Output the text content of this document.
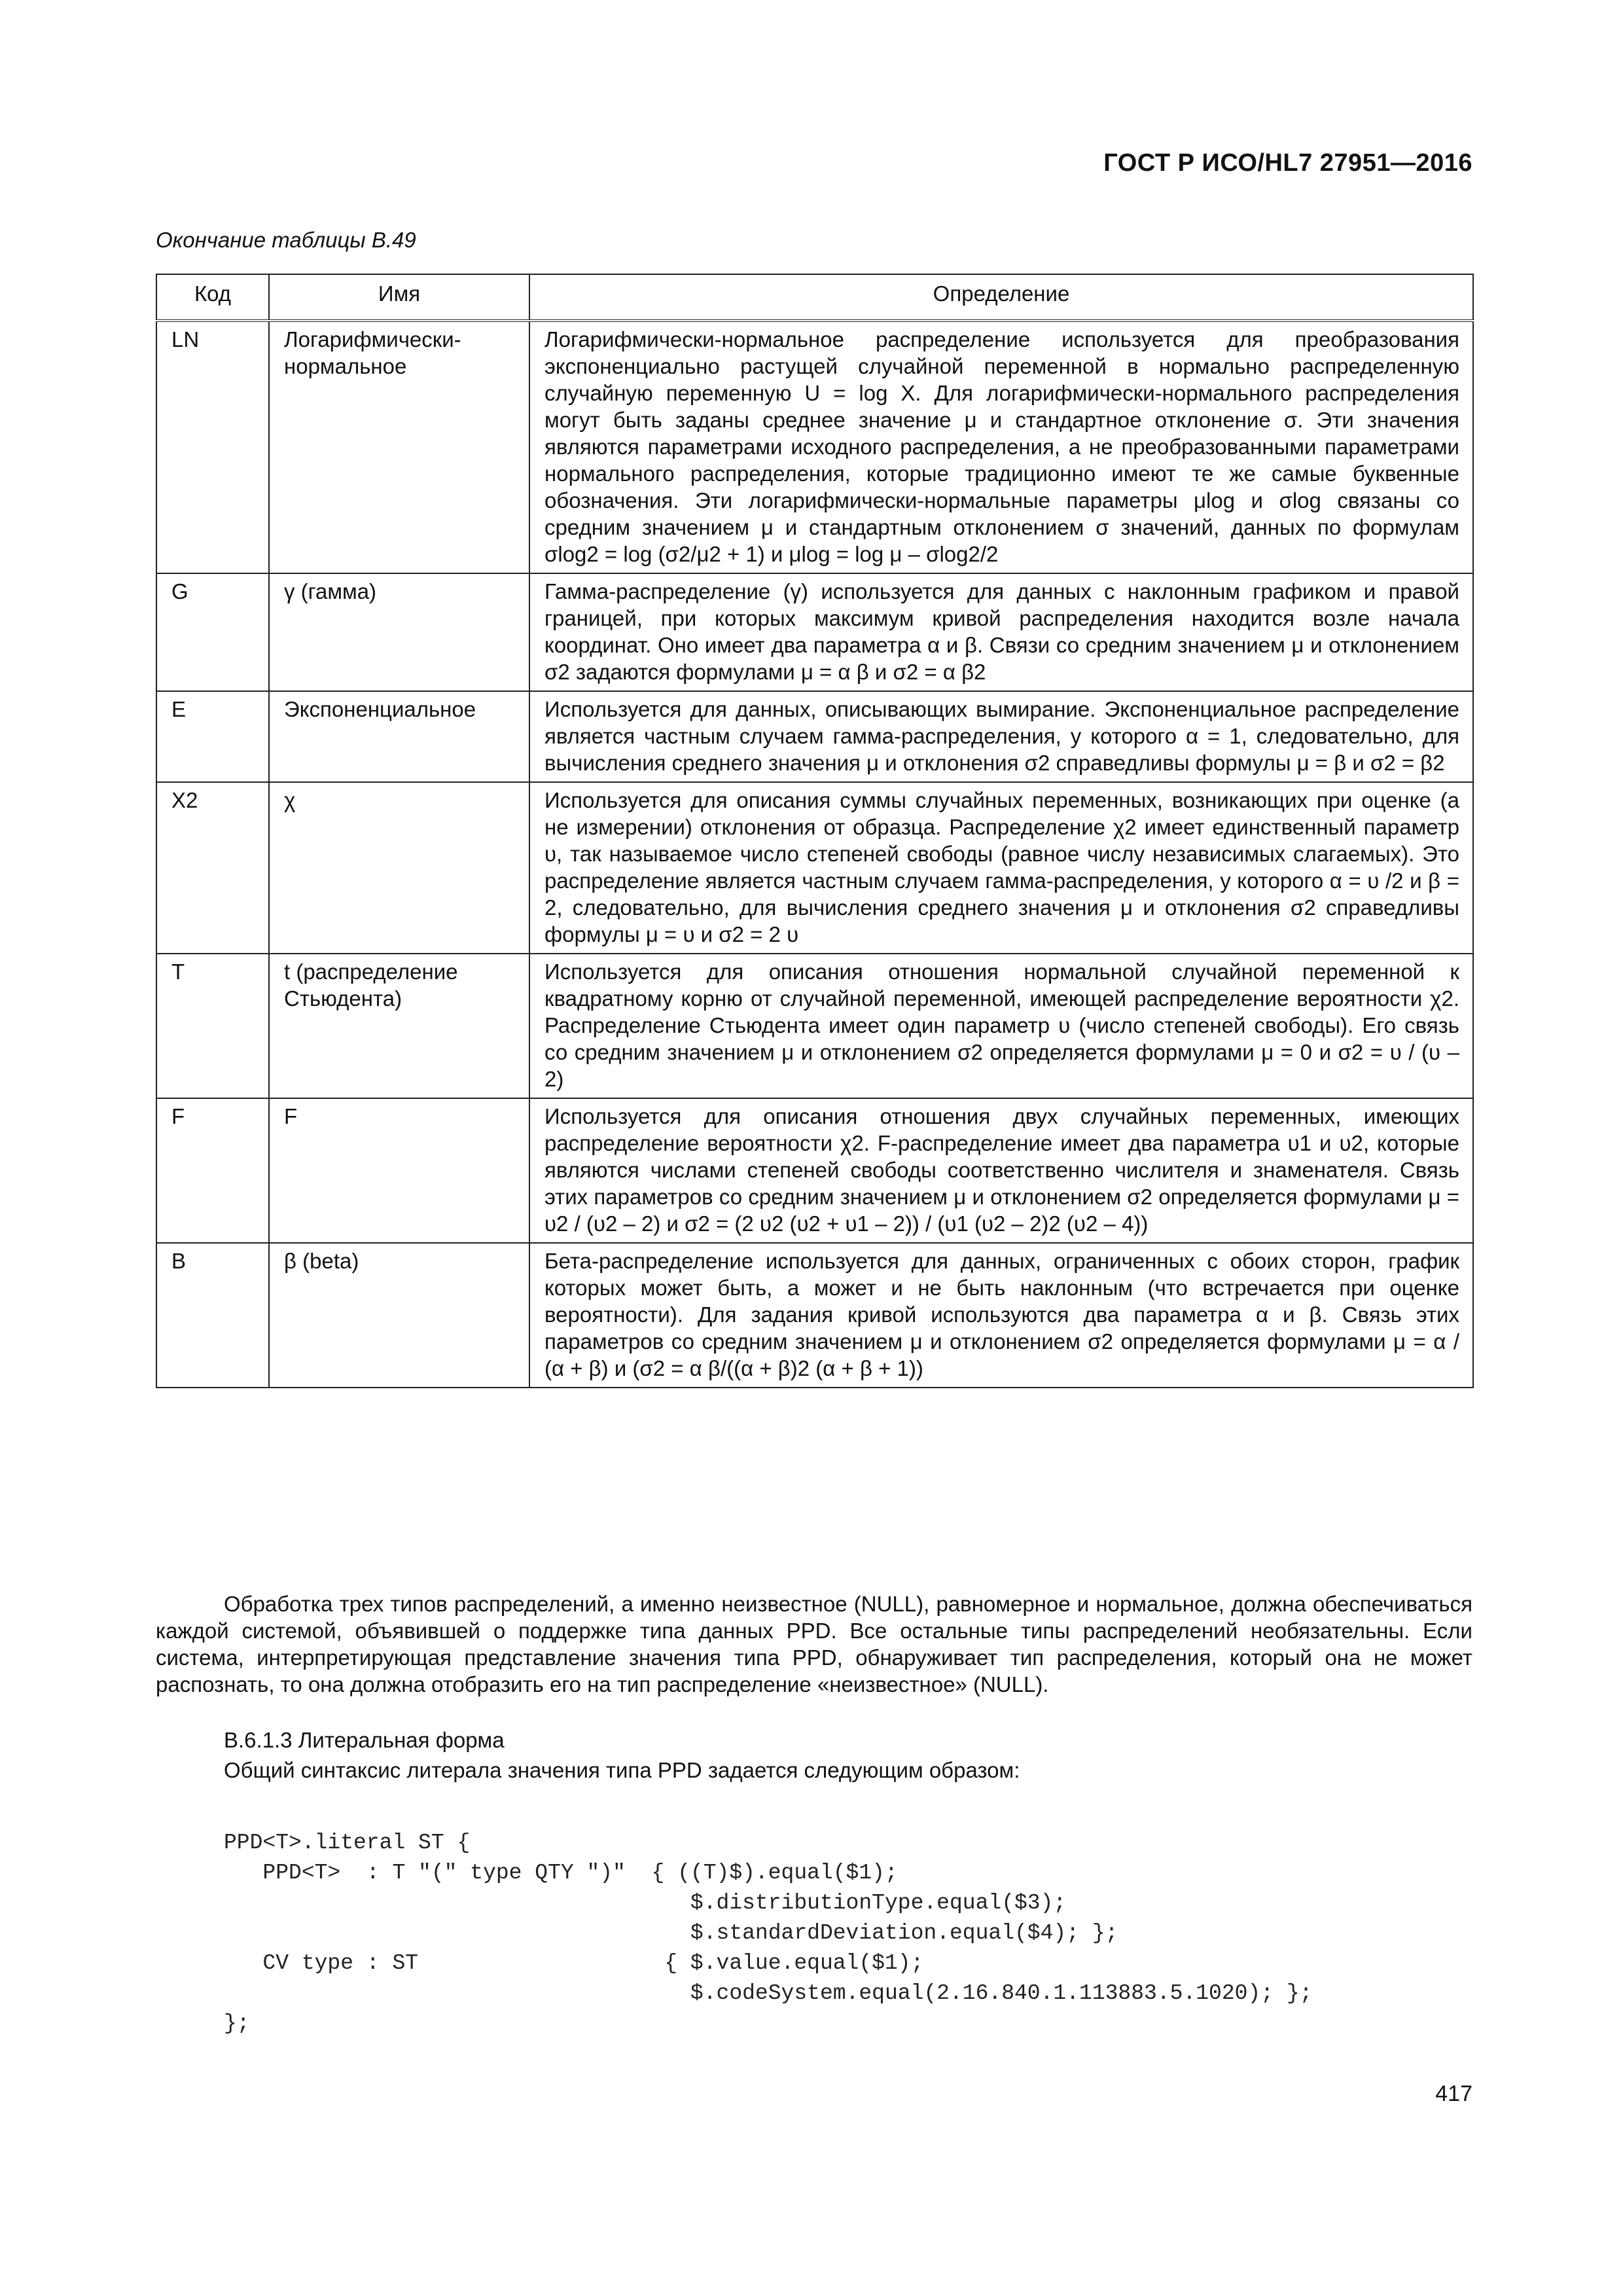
ГОСТ Р ИСО/HL7 27951—2016
Окончание таблицы В.49
Код	Имя	Определение
LN	Логарифмически-нормальное	Логарифмически-нормальное распределение используется для преобразования экспоненциально растущей случайной переменной в нормально распределенную случайную переменную U = log X. Для логарифмически-нормального распределения могут быть заданы среднее значение μ и стандартное отклонение σ. Эти значения являются параметрами исходного распределения, а не преобразованными параметрами нормального распределения, которые традиционно имеют те же самые буквенные обозначения. Эти логарифмически-нормальные параметры μlog и σlog связаны со средним значением μ и стандартным отклонением σ значений, данных по формулам σlog2 = log (σ2/μ2 + 1) и μlog = log μ – σlog2/2
G	γ (гамма)	Гамма-распределение (γ) используется для данных с наклонным графиком и правой границей, при которых максимум кривой распределения находится возле начала координат. Оно имеет два параметра α и β. Связи со средним значением μ и отклонением σ2 задаются формулами μ = α β и σ2 = α β2
E	Экспоненциальное	Используется для данных, описывающих вымирание. Экспоненциальное распределение является частным случаем гамма-распределения, у которого α = 1, следовательно, для вычисления среднего значения μ и отклонения σ2 справедливы формулы μ = β и σ2 = β2
X2	χ	Используется для описания суммы случайных переменных, возникающих при оценке (а не измерении) отклонения от образца. Распределение χ2 имеет единственный параметр υ, так называемое число степеней свободы (равное числу независимых слагаемых). Это распределение является частным случаем гамма-распределения, у которого α = υ /2 и β = 2, следовательно, для вычисления среднего значения μ и отклонения σ2 справедливы формулы μ = υ и σ2 = 2 υ
T	t (распределение Стьюдента)	Используется для описания отношения нормальной случайной переменной к квадратному корню от случайной переменной, имеющей распределение вероятности χ2. Распределение Стьюдента имеет один параметр υ (число степеней свободы). Его связь со средним значением μ и отклонением σ2 определяется формулами μ = 0 и σ2 = υ / (υ – 2)
F	F	Используется для описания отношения двух случайных переменных, имеющих распределение вероятности χ2. F-распределение имеет два параметра υ1 и υ2, которые являются числами степеней свободы соответственно числителя и знаменателя. Связь этих параметров со средним значением μ и отклонением σ2 определяется формулами μ = υ2 / (υ2 – 2) и σ2 = (2 υ2 (υ2 + υ1 – 2)) / (υ1 (υ2 – 2)2 (υ2 – 4))
B	β (beta)	Бета-распределение используется для данных, ограниченных с обоих сторон, график которых может быть, а может и не быть наклонным (что встречается при оценке вероятности). Для задания кривой используются два параметра α и β. Связь этих параметров со средним значением μ и отклонением σ2 определяется формулами μ = α / (α + β) и (σ2 = α β/((α + β)2 (α + β + 1))

Обработка трех типов распределений, а именно неизвестное (NULL), равномерное и нормальное, должна обеспечиваться каждой системой, объявившей о поддержке типа данных PPD. Все остальные типы распределений необязательны. Если система, интерпретирующая представление значения типа PPD, обнаруживает тип распределения, который она не может распознать, то она должна отобразить его на тип распределение «неизвестное» (NULL).

В.6.1.3 Литеральная форма

Общий синтаксис литерала значения типа PPD задается следующим образом:

PPD<T>.literal ST {
PPD<T>  : T "(" type QTY ")"  { ((T)$).equal($1);
$.distributionType.equal($3);
$.standardDeviation.equal($4); };
CV type : ST                   { $.value.equal($1);
$.codeSystem.equal(2.16.840.1.113883.5.1020); };
};
417
